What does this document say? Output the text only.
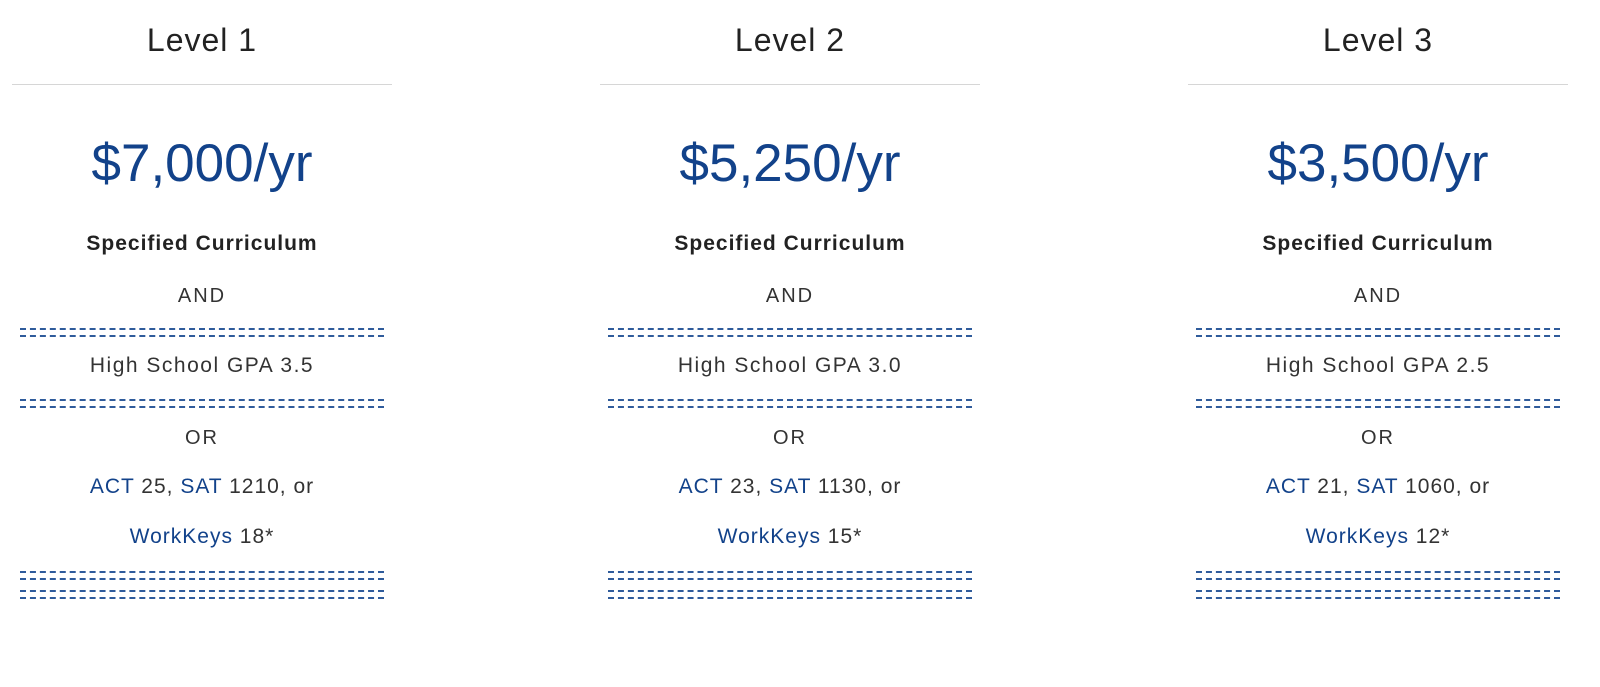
Level 1
$7,000/yr
Specified Curriculum
AND
High School GPA 3.5
OR
ACT 25, SAT 1210, or
WorkKeys 18*
Level 2
$5,250/yr
Specified Curriculum
AND
High School GPA 3.0
OR
ACT 23, SAT 1130, or
WorkKeys 15*
Level 3
$3,500/yr
Specified Curriculum
AND
High School GPA 2.5
OR
ACT 21, SAT 1060, or
WorkKeys 12*
